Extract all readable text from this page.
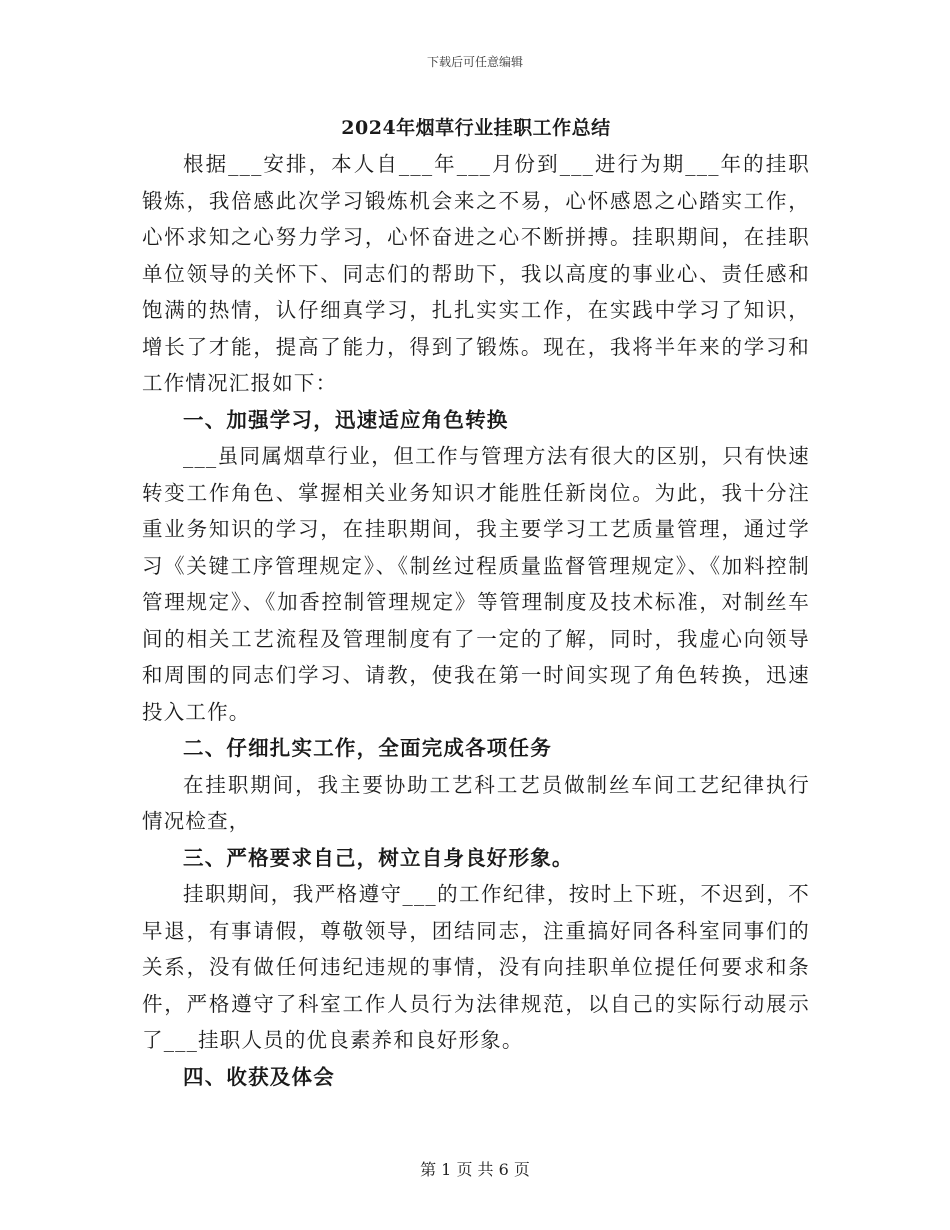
下载后可任意编辑
2024年烟草行业挂职工作总结

根据___安排，本人自___年___月份到___进行为期___年的挂职锻炼，我倍感此次学习锻炼机会来之不易，心怀感恩之心踏实工作，心怀求知之心努力学习，心怀奋进之心不断拼搏。挂职期间，在挂职单位领导的关怀下、同志们的帮助下，我以高度的事业心、责任感和饱满的热情，认仔细真学习，扎扎实实工作，在实践中学习了知识，增长了才能，提高了能力，得到了锻炼。现在，我将半年来的学习和工作情况汇报如下：

一、加强学习，迅速适应角色转换

___虽同属烟草行业，但工作与管理方法有很大的区别，只有快速转变工作角色、掌握相关业务知识才能胜任新岗位。为此，我十分注重业务知识的学习，在挂职期间，我主要学习工艺质量管理，通过学习《关键工序管理规定》、《制丝过程质量监督管理规定》、《加料控制管理规定》、《加香控制管理规定》等管理制度及技术标准，对制丝车间的相关工艺流程及管理制度有了一定的了解，同时，我虚心向领导和周围的同志们学习、请教，使我在第一时间实现了角色转换，迅速投入工作。

二、仔细扎实工作，全面完成各项任务

在挂职期间，我主要协助工艺科工艺员做制丝车间工艺纪律执行情况检查，

三、严格要求自己，树立自身良好形象。

挂职期间，我严格遵守___的工作纪律，按时上下班，不迟到，不早退，有事请假，尊敬领导，团结同志，注重搞好同各科室同事们的关系，没有做任何违纪违规的事情，没有向挂职单位提任何要求和条件，严格遵守了科室工作人员行为法律规范，以自己的实际行动展示了___挂职人员的优良素养和良好形象。

四、收获及体会

第 1 页 共 6 页
